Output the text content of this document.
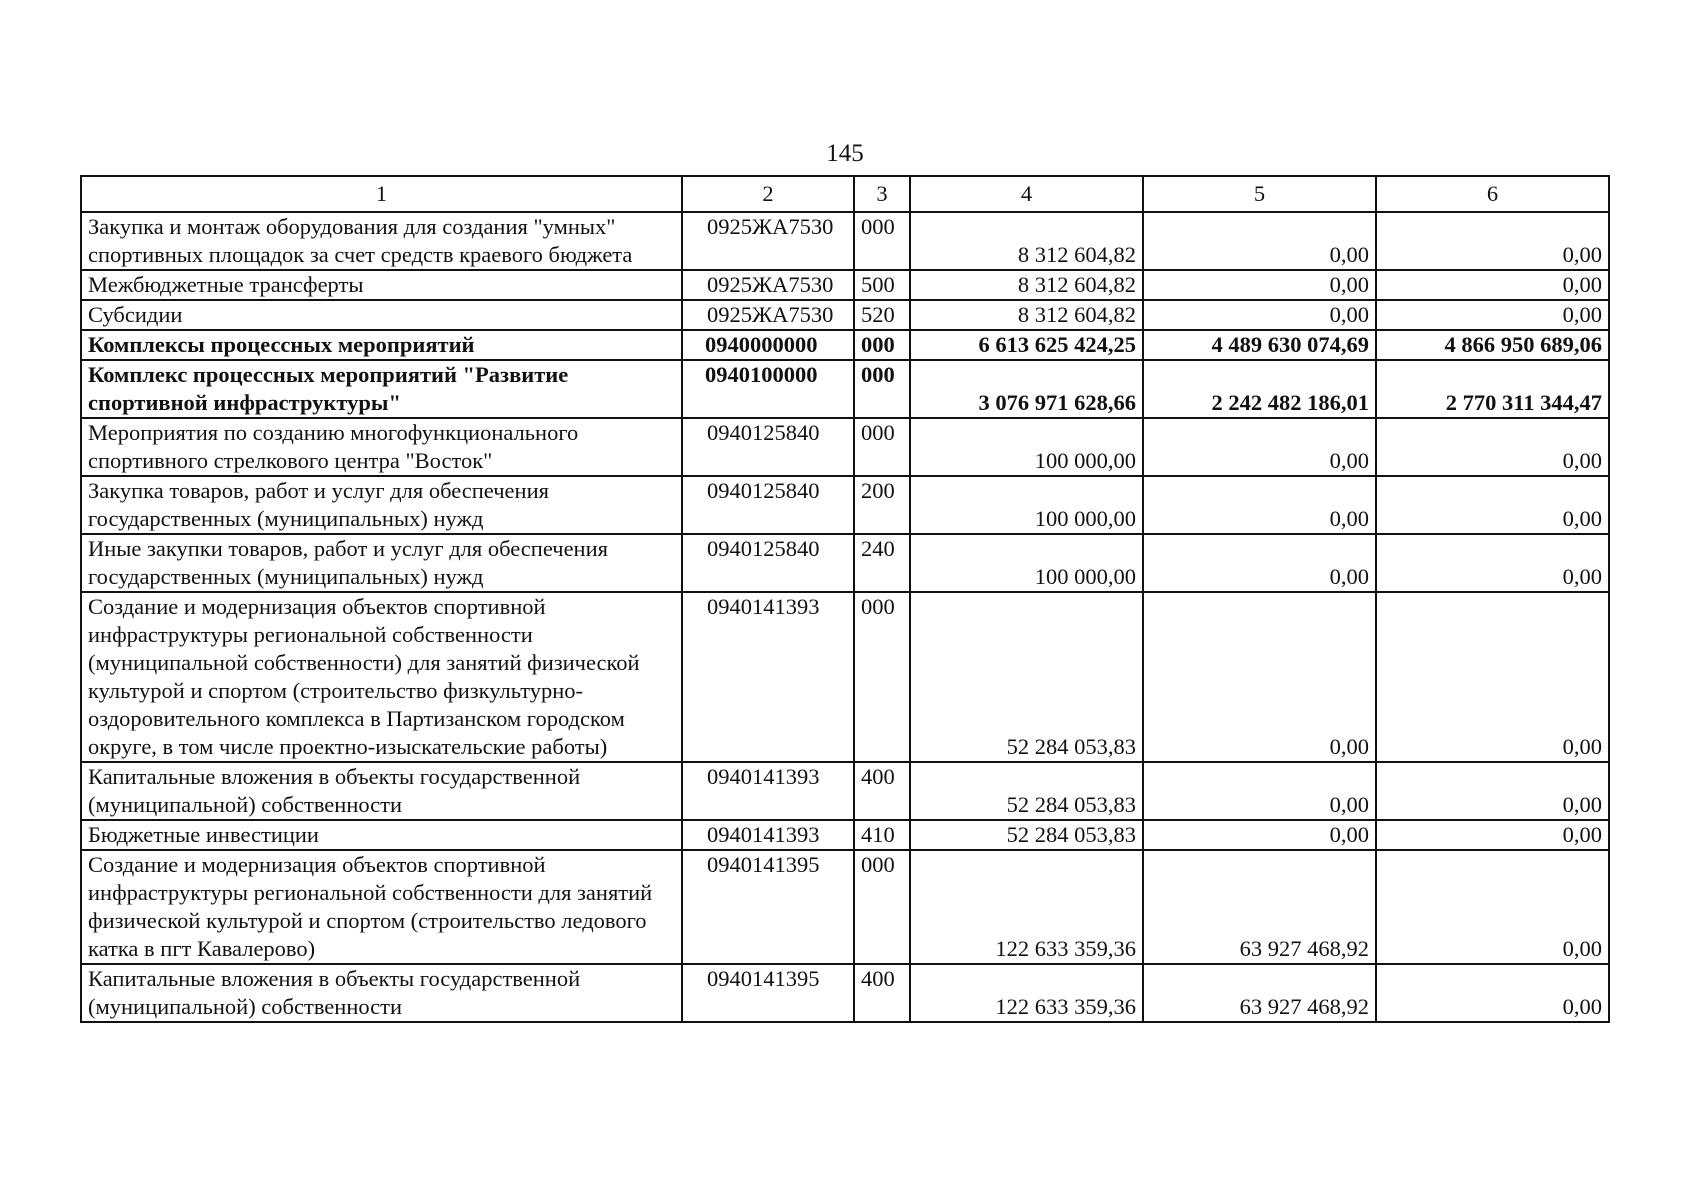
145
1	2	3	4	5	6
Закупка и монтаж оборудования для создания "умных" спортивных площадок за счет средств краевого бюджета	0925ЖА7530	000	8 312 604,82	0,00	0,00
Межбюджетные трансферты	0925ЖА7530	500	8 312 604,82	0,00	0,00
Субсидии	0925ЖА7530	520	8 312 604,82	0,00	0,00
Комплексы процессных мероприятий	0940000000	000	6 613 625 424,25	4 489 630 074,69	4 866 950 689,06
Комплекс процессных мероприятий "Развитие спортивной инфраструктуры"	0940100000	000	3 076 971 628,66	2 242 482 186,01	2 770 311 344,47
Мероприятия по созданию многофункционального спортивного стрелкового центра "Восток"	0940125840	000	100 000,00	0,00	0,00
Закупка товаров, работ и услуг для обеспечения государственных (муниципальных) нужд	0940125840	200	100 000,00	0,00	0,00
Иные закупки товаров, работ и услуг для обеспечения государственных (муниципальных) нужд	0940125840	240	100 000,00	0,00	0,00
Создание и модернизация объектов спортивной инфраструктуры региональной собственности (муниципальной собственности) для занятий физической культурой и спортом (строительство физкультурно-оздоровительного комплекса в Партизанском городском округе, в том числе проектно-изыскательские работы)	0940141393	000	52 284 053,83	0,00	0,00
Капитальные вложения в объекты государственной (муниципальной) собственности	0940141393	400	52 284 053,83	0,00	0,00
Бюджетные инвестиции	0940141393	410	52 284 053,83	0,00	0,00
Создание и модернизация объектов спортивной инфраструктуры региональной собственности для занятий физической культурой и спортом (строительство ледового катка в пгт Кавалерово)	0940141395	000	122 633 359,36	63 927 468,92	0,00
Капитальные вложения в объекты государственной (муниципальной) собственности	0940141395	400	122 633 359,36	63 927 468,92	0,00
